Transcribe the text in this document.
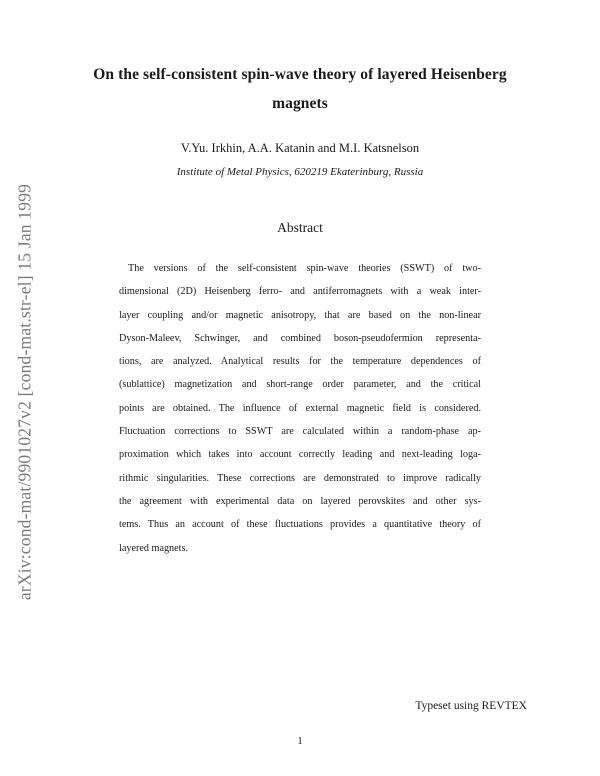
arXiv:cond-mat/9901027v2 [cond-mat.str-el] 15 Jan 1999
On the self-consistent spin-wave theory of layered Heisenberg
magnets
V.Yu. Irkhin, A.A. Katanin and M.I. Katsnelson
Institute of Metal Physics, 620219 Ekaterinburg, Russia
Abstract
The versions of the self-consistent spin-wave theories (SSWT) of two-
dimensional (2D) Heisenberg ferro- and antiferromagnets with a weak inter-
layer coupling and/or magnetic anisotropy, that are based on the non-linear
Dyson-Maleev, Schwinger, and combined boson-pseudofermion representa-
tions, are analyzed. Analytical results for the temperature dependences of
(sublattice) magnetization and short-range order parameter, and the critical
points are obtained. The influence of external magnetic field is considered.
Fluctuation corrections to SSWT are calculated within a random-phase ap-
proximation which takes into account correctly leading and next-leading loga-
rithmic singularities. These corrections are demonstrated to improve radically
the agreement with experimental data on layered perovskites and other sys-
tems. Thus an account of these fluctuations provides a quantitative theory of
layered magnets.
Typeset using REVTEX
1
